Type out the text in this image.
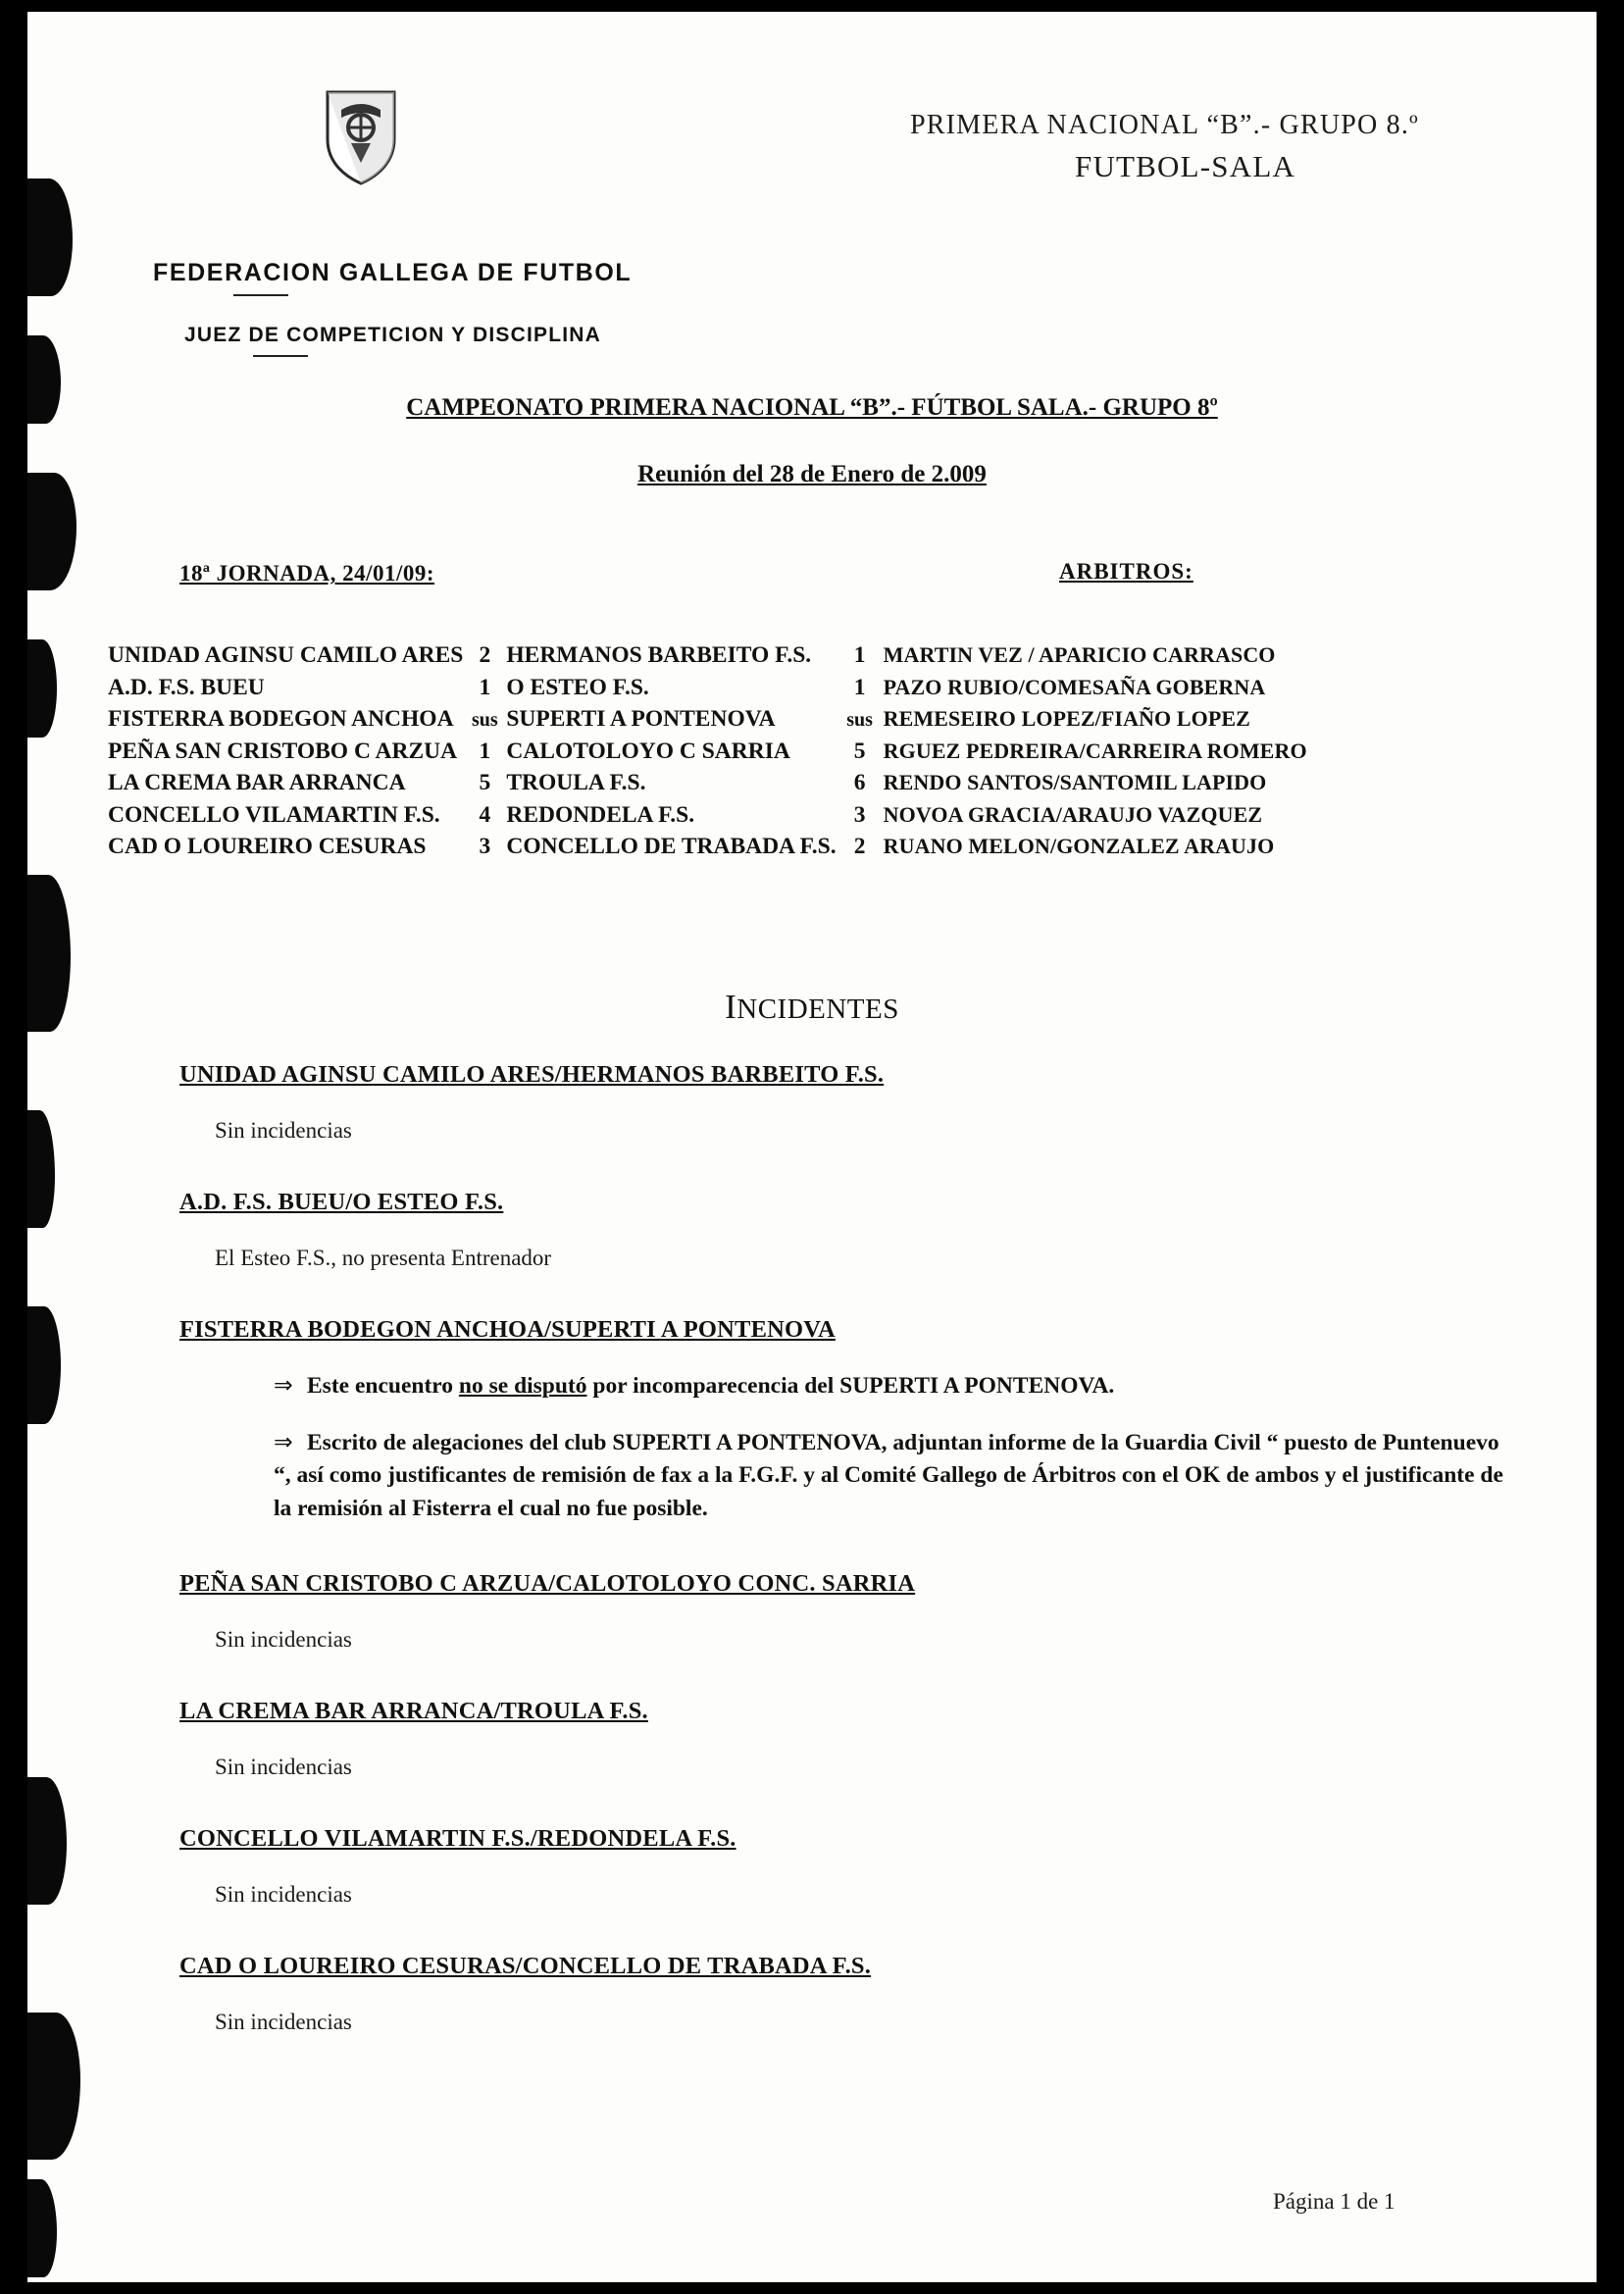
PRIMERA NACIONAL “B”.- GRUPO 8.º
FUTBOL-SALA
FEDERACION GALLEGA DE FUTBOL
JUEZ DE COMPETICION Y DISCIPLINA
CAMPEONATO PRIMERA NACIONAL “B”.- FÚTBOL SALA.- GRUPO 8º
Reunión del 28 de Enero de 2.009
18ª JORNADA, 24/01/09:	ARBITROS:
UNIDAD AGINSU CAMILO ARES	2	HERMANOS BARBEITO F.S.	1	MARTIN VEZ / APARICIO CARRASCO
A.D. F.S. BUEU	1	O ESTEO F.S.	1	PAZO RUBIO/COMESAÑA GOBERNA
FISTERRA BODEGON ANCHOA	sus	SUPERTI A PONTENOVA	sus	REMESEIRO LOPEZ/FIAÑO LOPEZ
PEÑA SAN CRISTOBO C ARZUA	1	CALOTOLOYO C SARRIA	5	RGUEZ PEDREIRA/CARREIRA ROMERO
LA CREMA BAR ARRANCA	5	TROULA F.S.	6	RENDO SANTOS/SANTOMIL LAPIDO
CONCELLO VILAMARTIN F.S.	4	REDONDELA F.S.	3	NOVOA GRACIA/ARAUJO VAZQUEZ
CAD O LOUREIRO CESURAS	3	CONCELLO DE TRABADA F.S.	2	RUANO MELON/GONZALEZ ARAUJO
INCIDENTES
UNIDAD AGINSU CAMILO ARES/HERMANOS BARBEITO F.S.
Sin incidencias
A.D. F.S. BUEU/O ESTEO F.S.
El Esteo F.S., no presenta Entrenador
FISTERRA BODEGON ANCHOA/SUPERTI A PONTENOVA
⇒ Este encuentro no se disputó por incomparecencia del SUPERTI A PONTENOVA.
⇒ Escrito de alegaciones del club SUPERTI A PONTENOVA, adjuntan informe de la Guardia Civil “ puesto de Puntenuevo “, así como justificantes de remisión de fax a la F.G.F. y al Comité Gallego de Árbitros con el OK de ambos y el justificante de la remisión al Fisterra el cual no fue posible.
PEÑA SAN CRISTOBO C ARZUA/CALOTOLOYO CONC. SARRIA
Sin incidencias
LA CREMA BAR ARRANCA/TROULA F.S.
Sin incidencias
CONCELLO VILAMARTIN F.S./REDONDELA F.S.
Sin incidencias
CAD O LOUREIRO CESURAS/CONCELLO DE TRABADA F.S.
Sin incidencias
Página 1 de 1
